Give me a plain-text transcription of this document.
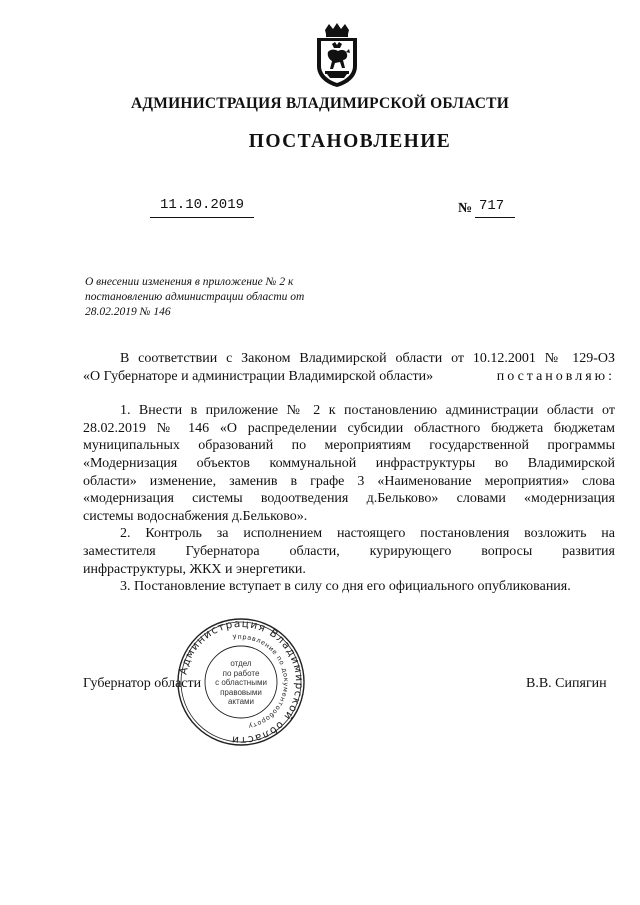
АДМИНИСТРАЦИЯ ВЛАДИМИРСКОЙ ОБЛАСТИ
ПОСТАНОВЛЕНИЕ
11.10.2019	№ 717
О внесении изменения в приложение № 2 к
постановлению администрации области от
28.02.2019 № 146
В соответствии с Законом Владимирской области от 10.12.2001 № 129-ОЗ
«О Губернаторе и администрации Владимирской области»	постановляю:
1. Внести в приложение № 2 к постановлению администрации области от
28.02.2019 № 146 «О распределении субсидии областного бюджета бюджетам
муниципальных образований по мероприятиям государственной программы
«Модернизация объектов коммунальной инфраструктуры во Владимирской
области» изменение, заменив в графе 3 «Наименование мероприятия» слова
«модернизация системы водоотведения д.Бельково» словами «модернизация
системы водоснабжения д.Бельково».
2. Контроль за исполнением настоящего постановления возложить на
заместителя Губернатора области, курирующего вопросы развития
инфраструктуры, ЖКХ и энергетики.
3. Постановление вступает в силу со дня его официального опубликования.
Губернатор области	В.В. Сипягин
Администрация Владимирской области
Управление по документообороту
отдел
по работе
с областными
правовыми
актами
